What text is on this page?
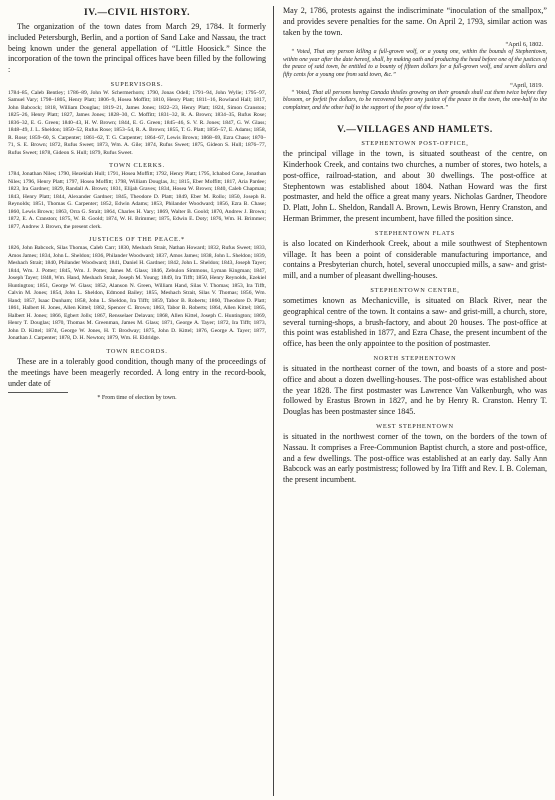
IV.—CIVIL HISTORY.

The organization of the town dates from March 29, 1784. It formerly included Petersburgh, Berlin, and a portion of Sand Lake and Nassau, the tract being known under the general appellation of “Little Hoosick.” Since the incorporation of the town the principal offices have been filled by the following :

SUPERVISORS.

1784–85, Caleb Bentley; 1786–89, John W. Schermerhorn; 1790, Jonas Odell; 1791–94, John Wylie; 1795–97, Samuel Vary; 1798–1805, Henry Platt; 1806–9, Hosea Moffitt; 1810, Henry Platt; 1811–16, Rowland Hall; 1817, John Babcock; 1818, William Douglas; 1819–21, James Jones; 1822–23, Henry Platt; 1824, Simon Cranston; 1825–26, Henry Platt; 1827, James Jones; 1828–30, C. Moffitt; 1831–32, R. A. Brown; 1834–35, Rufus Rose; 1836–32, E. G. Green; 1840–43, H. W. Brown; 1844, E. G. Green; 1845–46, S. V. R. Jones; 1847, G. W. Glass; 1848–49, J. L. Sheldon; 1850–52, Rufus Rose; 1853–54, R. A. Brown; 1855, T. G. Platt; 1856–57, E. Adams; 1858, R. Rose; 1859–60, S. Carpenter; 1861–62, T. G. Carpenter; 1864–67, Lewis Brown; 1868–69, Ezra Chase; 1870–71, S. E. Brown; 1872, Rufus Sweet; 1873, Wm. A. Gile; 1874, Rufus Sweet; 1875, Gideon S. Hull; 1876–77, Rufus Sweet; 1878, Gideon S. Hull; 1879, Rufus Sweet.

TOWN CLERKS.

1784, Jonathan Niles; 1790, Hezekiah Hull; 1791, Hosea Moffitt; 1792, Henry Platt; 1795, Ichabod Cone, Jonathan Niles; 1796, Henry Platt; 1797, Hosea Moffitt; 1798, William Douglas, Jr.; 1815, Eber Moffitt; 1817, Aria Pardee; 1823, Ira Gardner; 1829, Randall A. Brown; 1831, Elijah Graves; 1834, Hosea W. Brown; 1840, Caleb Chapman; 1843, Henry Platt; 1844, Alexander Gardner; 1845, Theodore D. Platt; 1849, Eber M. Rollo; 1850, Joseph R. Reynolds; 1851, Thomas G. Carpenter; 1852, Edwin Adams; 1853, Philander Woodward; 1856, Ezra B. Chase; 1860, Lewis Brown; 1863, Orra G. Strait; 1864, Charles H. Vary; 1869, Walter B. Goold; 1870, Andrew J. Brown; 1872, E. A. Cranston; 1875, W. B. Goold; 1874, W. H. Brimmer; 1875, Edwin E. Doty; 1876, Wm. H. Brimmer; 1877, Andrew J. Brown, the present clerk.

JUSTICES OF THE PEACE.*

1826, John Babcock, Silas Thomas, Caleb Carr; 1830, Meshach Strait, Nathan Howard; 1832, Rufus Sweet; 1833, Amos James; 1834, John L. Sheldon; 1836, Philander Woodward; 1837, Amos James; 1838, John L. Sheldon; 1839, Meshach Strait; 1840, Philander Woodward; 1841, Daniel H. Gardner; 1842, John L. Sheldon; 1843, Joseph Tayer; 1844, Wm. J. Potter; 1845, Wm. J. Potter, James M. Glass; 1846, Zebulon Simmons, Lyman Kingman; 1847, Joseph Tayer; 1848, Wm. Hand, Meshach Strait, Joseph M. Young; 1849, Ira Tifft; 1850, Henry Reynolds, Ezekiel Huntington; 1851, George W. Glass; 1852, Alanson N. Green, William Hand, Silas V. Thomas; 1853, Ira Tifft, Calvin M. Jones; 1854, John L. Sheldon, Edmond Bailey; 1855, Meshach Strait, Silas V. Thomas; 1856, Wm. Hand; 1857, Isaac Dunham; 1858, John L. Sheldon, Ira Tifft; 1859, Tabor B. Roberts; 1860, Theodore D. Platt; 1861, Halbert H. Jones, Allen Kittel; 1862, Spencer C. Brown; 1863, Tabor B. Roberts; 1864, Allen Kittel; 1865, Halbert H. Jones; 1866, Egbert Jolls; 1867, Rensselaer Delavan; 1868, Allen Kittel, Joseph C. Huntington; 1869, Henry T. Douglas; 1870, Thomas M. Greenman, James M. Glass; 1871, George A. Tayer; 1872, Ira Tifft; 1873, John D. Kittel; 1874, George W. Jones, H. T. Brodway; 1875, John D. Kittel; 1876, George A. Tayer; 1877, Jonathan J. Carpenter; 1878, D. H. Newton; 1879, Wm. H. Eldridge.

TOWN RECORDS.

These are in a tolerably good condition, though many of the proceedings of the meetings have been meagerly recorded. A long entry in the record-book, under date of

* From time of election by town.

May 2, 1786, protests against the indiscriminate “inoculation of the smallpox,” and provides severe penalties for the same. On April 2, 1793, similar action was taken by the town.

“April 6, 1802.

“ Voted, That any person killing a full-grown wolf, or a young one, within the bounds of Stephentown, within one year after the date hereof, shall, by making oath and producing the head before one of the justices of the peace of said town, be entitled to a bounty of fifteen dollars for a full-grown wolf, and seven dollars and fifty cents for a young one from said town, &c.”

“April, 1819.

“ Voted, That all persons having Canada thistles growing on their grounds shall cut them twice before they blossom, or forfeit five dollars, to be recovered before any justice of the peace in the town, the one-half to the complainer, and the other half to the support of the poor of the town.”

V.—VILLAGES AND HAMLETS.
STEPHENTOWN POST-OFFICE,

the principal village in the town, is situated southeast of the centre, on Kinderhook Creek, and contains two churches, a number of stores, two hotels, a post-office, railroad-station, and about 30 dwellings. The post-office at Stephentown was established about 1804. Nathan Howard was the first postmaster, and held the office a great many years. Nicholas Gardner, Theodore D. Platt, John L. Sheldon, Randall A. Brown, Lewis Brown, Henry Cranston, and Herman Brimmer, the present incumbent, have filled the position since.

STEPHENTOWN FLATS

is also located on Kinderhook Creek, about a mile southwest of Stephentown village. It has been a point of considerable manufacturing importance, and contains a Presbyterian church, hotel, several unoccupied mills, a saw- and grist-mill, and a number of pleasant dwelling-houses.

STEPHENTOWN CENTRE,

sometimes known as Mechanicville, is situated on Black River, near the geographical centre of the town. It contains a saw- and grist-mill, a church, store, several turning-shops, a brush-factory, and about 20 houses. The post-office at this point was established in 1877, and Ezra Chase, the present incumbent of the office, has been the only appointee to the position of postmaster.

NORTH STEPHENTOWN

is situated in the northeast corner of the town, and boasts of a store and post-office and about a dozen dwelling-houses. The post-office was established about the year 1828. The first postmaster was Lawrence Van Valkenburgh, who was followed by Erastus Brown in 1827, and he by Henry R. Cranston. Henry T. Douglas has been postmaster since 1845.

WEST STEPHENTOWN

is situated in the northwest corner of the town, on the borders of the town of Nassau. It comprises a Free-Communion Baptist church, a store and post-office, and a few dwellings. The post-office was established at an early day. Sally Ann Babcock was an early postmistress; followed by Ira Tifft and Rev. I. B. Coleman, the present incumbent.
